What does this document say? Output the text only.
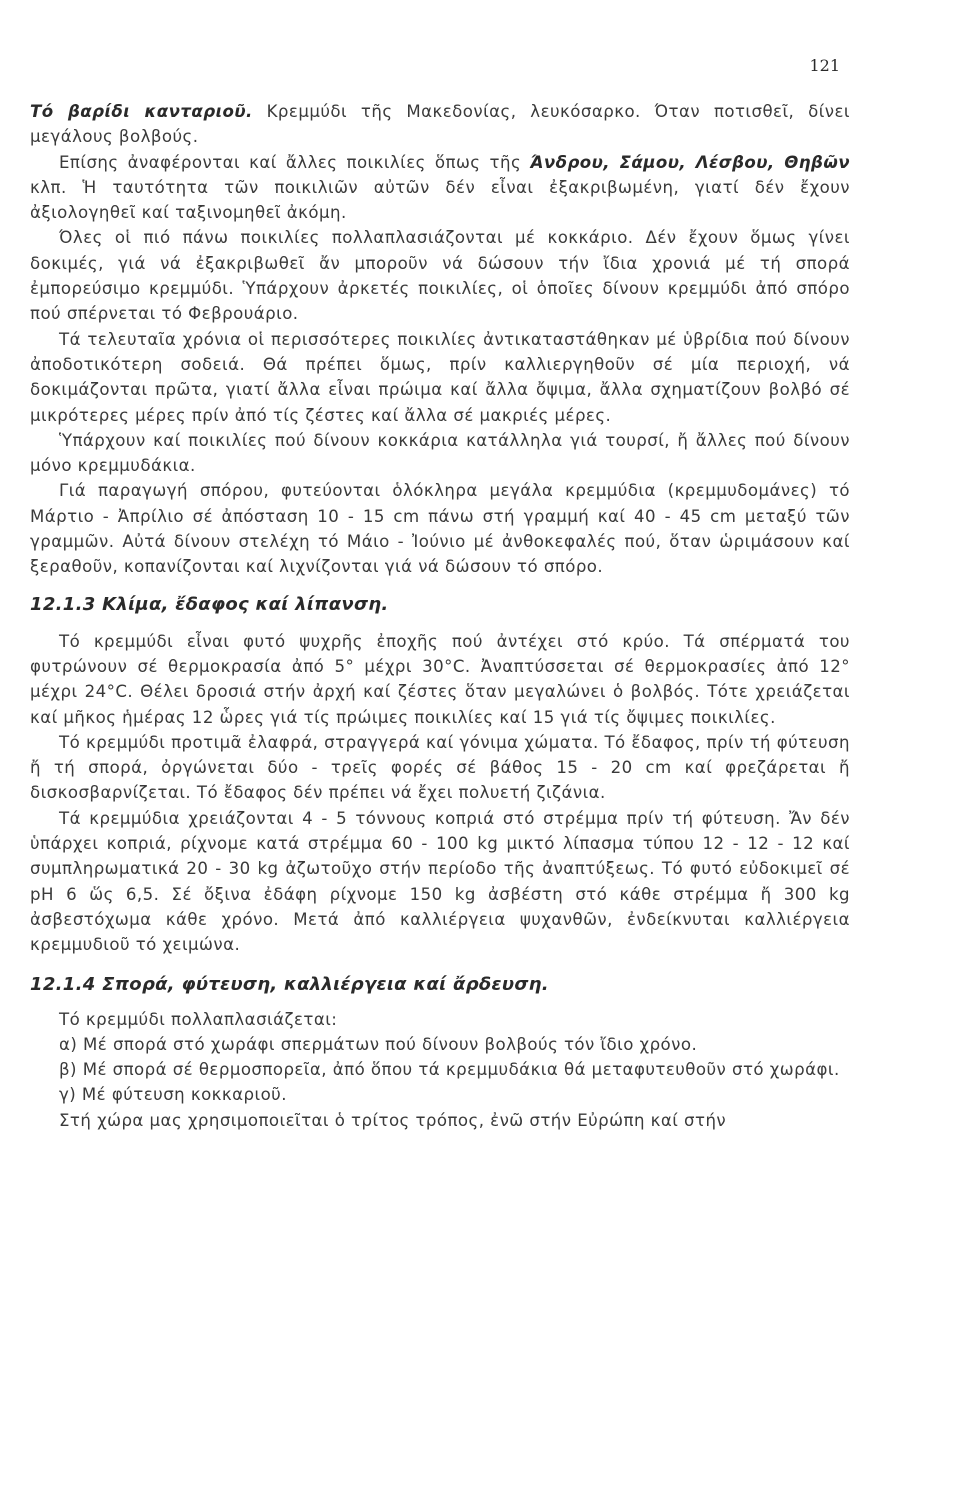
121

Τό βαρίδι κανταριοῦ. Κρεμμύδι τῆς Μακεδονίας, λευκόσαρκο. Όταν ποτισθεῖ, δίνει μεγάλους βολβούς.

Επίσης ἀναφέρονται καί ἄλλες ποικιλίες ὅπως τῆς Άνδρου, Σάμου, Λέσβου, Θηβῶν κλπ. Ἡ ταυτότητα τῶν ποικιλιῶν αὐτῶν δέν εἶναι ἐξακριβωμένη, γιατί δέν ἔχουν ἀξιολογηθεῖ καί ταξινομηθεῖ ἀκόμη.

Όλες οἱ πιό πάνω ποικιλίες πολλαπλασιάζονται μέ κοκκάριο. Δέν ἔχουν ὅμως γίνει δοκιμές, γιά νά ἐξακριβωθεῖ ἄν μποροῦν νά δώσουν τήν ἴδια χρονιά μέ τή σπορά ἐμπορεύσιμο κρεμμύδι. Ὑπάρχουν ἀρκετές ποικιλίες, οἱ ὁποῖες δίνουν κρεμμύδι ἀπό σπόρο πού σπέρνεται τό Φεβρουάριο.

Τά τελευταῖα χρόνια οἱ περισσότερες ποικιλίες ἀντικαταστάθηκαν μέ ὑβρίδια πού δίνουν ἀποδοτικότερη σοδειά. Θά πρέπει ὅμως, πρίν καλλιεργηθοῦν σέ μία περιοχή, νά δοκιμάζονται πρῶτα, γιατί ἄλλα εἶναι πρώιμα καί ἄλλα ὄψιμα, ἄλλα σχηματίζουν βολβό σέ μικρότερες μέρες πρίν ἀπό τίς ζέστες καί ἄλλα σέ μακριές μέρες.

Ὑπάρχουν καί ποικιλίες πού δίνουν κοκκάρια κατάλληλα γιά τουρσί, ἤ ἄλλες πού δίνουν μόνο κρεμμυδάκια.

Γιά παραγωγή σπόρου, φυτεύονται ὁλόκληρα μεγάλα κρεμμύδια (κρεμμυδομάνες) τό Μάρτιο - Ἀπρίλιο σέ ἀπόσταση 10 - 15 cm πάνω στή γραμμή καί 40 - 45 cm μεταξύ τῶν γραμμῶν. Αὐτά δίνουν στελέχη τό Μάιο - Ἰούνιο μέ ἀνθοκεφαλές πού, ὅταν ὡριμάσουν καί ξεραθοῦν, κοπανίζονται καί λιχνίζονται γιά νά δώσουν τό σπόρο.

12.1.3 Κλίμα, ἔδαφος καί λίπανση.

Τό κρεμμύδι εἶναι φυτό ψυχρῆς ἐποχῆς πού ἀντέχει στό κρύο. Τά σπέρματά του φυτρώνουν σέ θερμοκρασία ἀπό 5° μέχρι 30°C. Ἀναπτύσσεται σέ θερμοκρασίες ἀπό 12° μέχρι 24°C. Θέλει δροσιά στήν ἀρχή καί ζέστες ὅταν μεγαλώνει ὁ βολβός. Τότε χρειάζεται καί μῆκος ἡμέρας 12 ὧρες γιά τίς πρώιμες ποικιλίες καί 15 γιά τίς ὄψιμες ποικιλίες.

Τό κρεμμύδι προτιμᾶ ἐλαφρά, στραγγερά καί γόνιμα χώματα. Τό ἔδαφος, πρίν τή φύτευση ἤ τή σπορά, ὀργώνεται δύο - τρεῖς φορές σέ βάθος 15 - 20 cm καί φρεζάρεται ἤ δισκοσβαρνίζεται. Τό ἔδαφος δέν πρέπει νά ἔχει πολυετή ζιζάνια.

Τά κρεμμύδια χρειάζονται 4 - 5 τόννους κοπριά στό στρέμμα πρίν τή φύτευση. Ἄν δέν ὑπάρχει κοπριά, ρίχνομε κατά στρέμμα 60 - 100 kg μικτό λίπασμα τύπου 12 - 12 - 12 καί συμπληρωματικά 20 - 30 kg ἀζωτοῦχο στήν περίοδο τῆς ἀναπτύξεως. Τό φυτό εὐδοκιμεῖ σέ pH 6 ὥς 6,5. Σέ ὄξινα ἐδάφη ρίχνομε 150 kg ἀσβέστη στό κάθε στρέμμα ἤ 300 kg ἀσβεστόχωμα κάθε χρόνο. Μετά ἀπό καλλιέργεια ψυχανθῶν, ἐνδείκνυται καλλιέργεια κρεμμυδιοῦ τό χειμώνα.

12.1.4 Σπορά, φύτευση, καλλιέργεια καί ἄρδευση.

Τό κρεμμύδι πολλαπλασιάζεται:

α) Μέ σπορά στό χωράφι σπερμάτων πού δίνουν βολβούς τόν ἴδιο χρόνο.

β) Μέ σπορά σέ θερμοσπορεῖα, ἀπό ὅπου τά κρεμμυδάκια θά μεταφυτευθοῦν στό χωράφι.

γ) Μέ φύτευση κοκκαριοῦ.

Στή χώρα μας χρησιμοποιεῖται ὁ τρίτος τρόπος, ἐνῶ στήν Εὐρώπη καί στήν
